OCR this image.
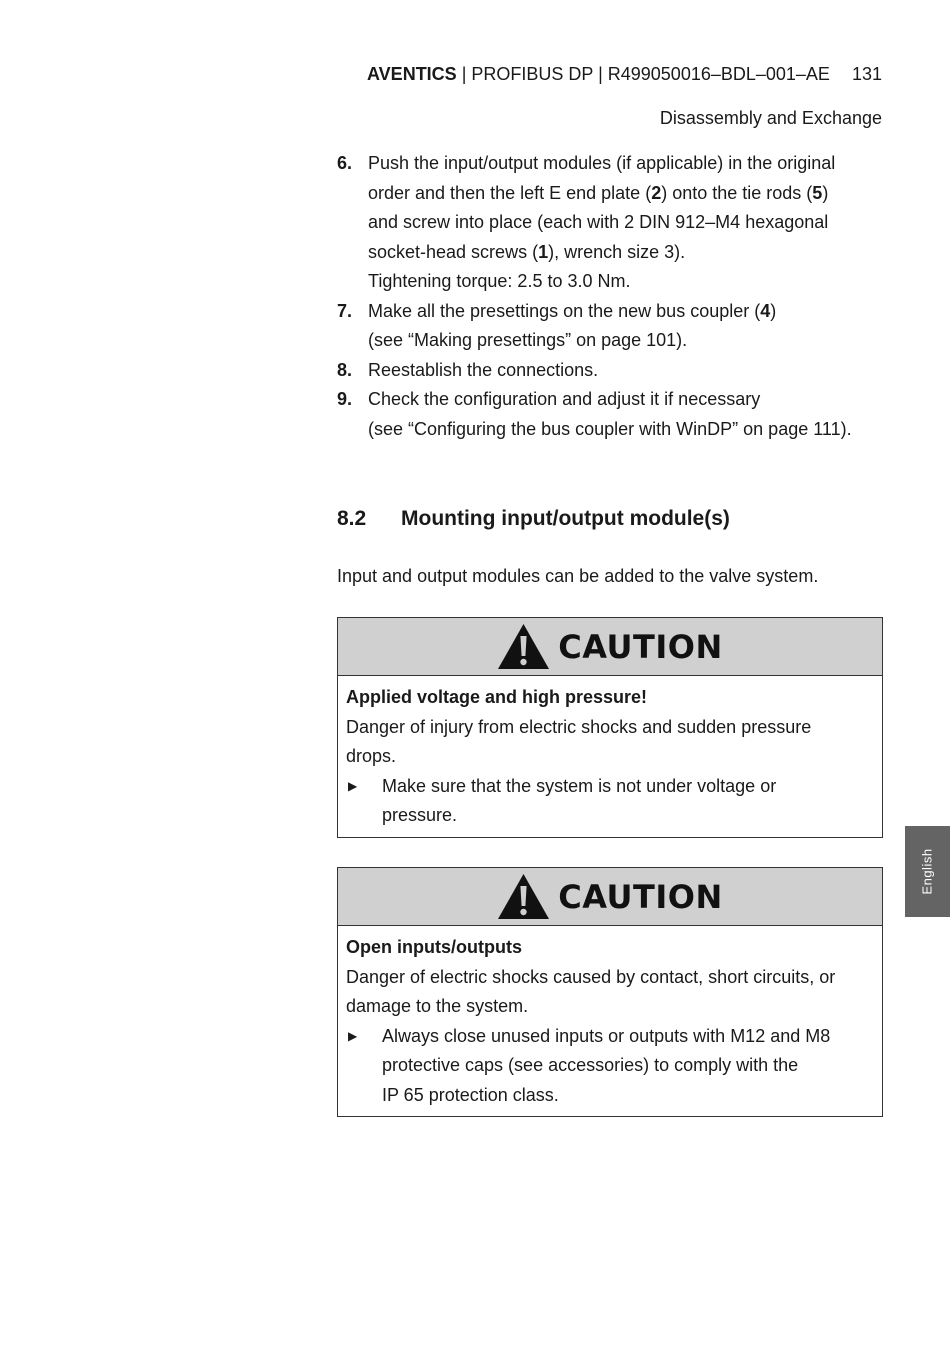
AVENTICS | PROFIBUS DP | R499050016–BDL–001–AE 131
Disassembly and Exchange
6. Push the input/output modules (if applicable) in the original
order and then the left E end plate (2) onto the tie rods (5)
and screw into place (each with 2 DIN 912–M4 hexagonal
socket-head screws (1), wrench size 3).
Tightening torque: 2.5 to 3.0 Nm.
7. Make all the presettings on the new bus coupler (4)
(see “Making presettings” on page 101).
8. Reestablish the connections.
9. Check the configuration and adjust it if necessary
(see “Configuring the bus coupler with WinDP” on page 111).
8.2 Mounting input/output module(s)
Input and output modules can be added to the valve system.
CAUTION
Applied voltage and high pressure!
Danger of injury from electric shocks and sudden pressure
drops.
▶ Make sure that the system is not under voltage or
pressure.
CAUTION
Open inputs/outputs
Danger of electric shocks caused by contact, short circuits, or
damage to the system.
▶ Always close unused inputs or outputs with M12 and M8
protective caps (see accessories) to comply with the
IP 65 protection class.
English
